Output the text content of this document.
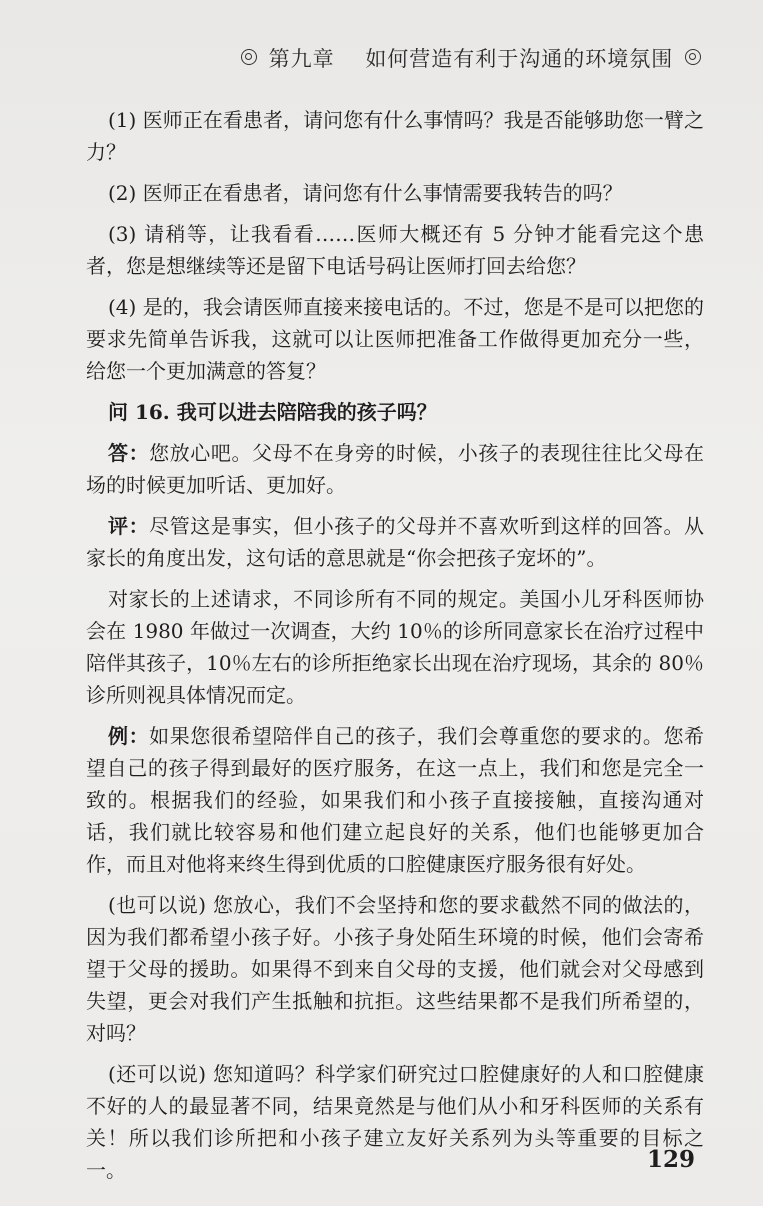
第九章 如何营造有利于沟通的环境氛围

(1) 医师正在看患者，请问您有什么事情吗？我是否能够助您一臂之力？

(2) 医师正在看患者，请问您有什么事情需要我转告的吗？

(3) 请稍等，让我看看……医师大概还有 5 分钟才能看完这个患者，您是想继续等还是留下电话号码让医师打回去给您？

(4) 是的，我会请医师直接来接电话的。不过，您是不是可以把您的要求先简单告诉我，这就可以让医师把准备工作做得更加充分一些，给您一个更加满意的答复？

问 16. 我可以进去陪陪我的孩子吗？

答：您放心吧。父母不在身旁的时候，小孩子的表现往往比父母在场的时候更加听话、更加好。

评：尽管这是事实，但小孩子的父母并不喜欢听到这样的回答。从家长的角度出发，这句话的意思就是“你会把孩子宠坏的”。

对家长的上述请求，不同诊所有不同的规定。美国小儿牙科医师协会在 1980 年做过一次调查，大约 10％的诊所同意家长在治疗过程中陪伴其孩子，10％左右的诊所拒绝家长出现在治疗现场，其余的 80％诊所则视具体情况而定。

例：如果您很希望陪伴自己的孩子，我们会尊重您的要求的。您希望自己的孩子得到最好的医疗服务，在这一点上，我们和您是完全一致的。根据我们的经验，如果我们和小孩子直接接触，直接沟通对话，我们就比较容易和他们建立起良好的关系，他们也能够更加合作，而且对他将来终生得到优质的口腔健康医疗服务很有好处。

(也可以说) 您放心，我们不会坚持和您的要求截然不同的做法的，因为我们都希望小孩子好。小孩子身处陌生环境的时候，他们会寄希望于父母的援助。如果得不到来自父母的支援，他们就会对父母感到失望，更会对我们产生抵触和抗拒。这些结果都不是我们所希望的，对吗？

(还可以说) 您知道吗？科学家们研究过口腔健康好的人和口腔健康不好的人的最显著不同，结果竟然是与他们从小和牙科医师的关系有关！所以我们诊所把和小孩子建立友好关系列为头等重要的目标之一。	129
